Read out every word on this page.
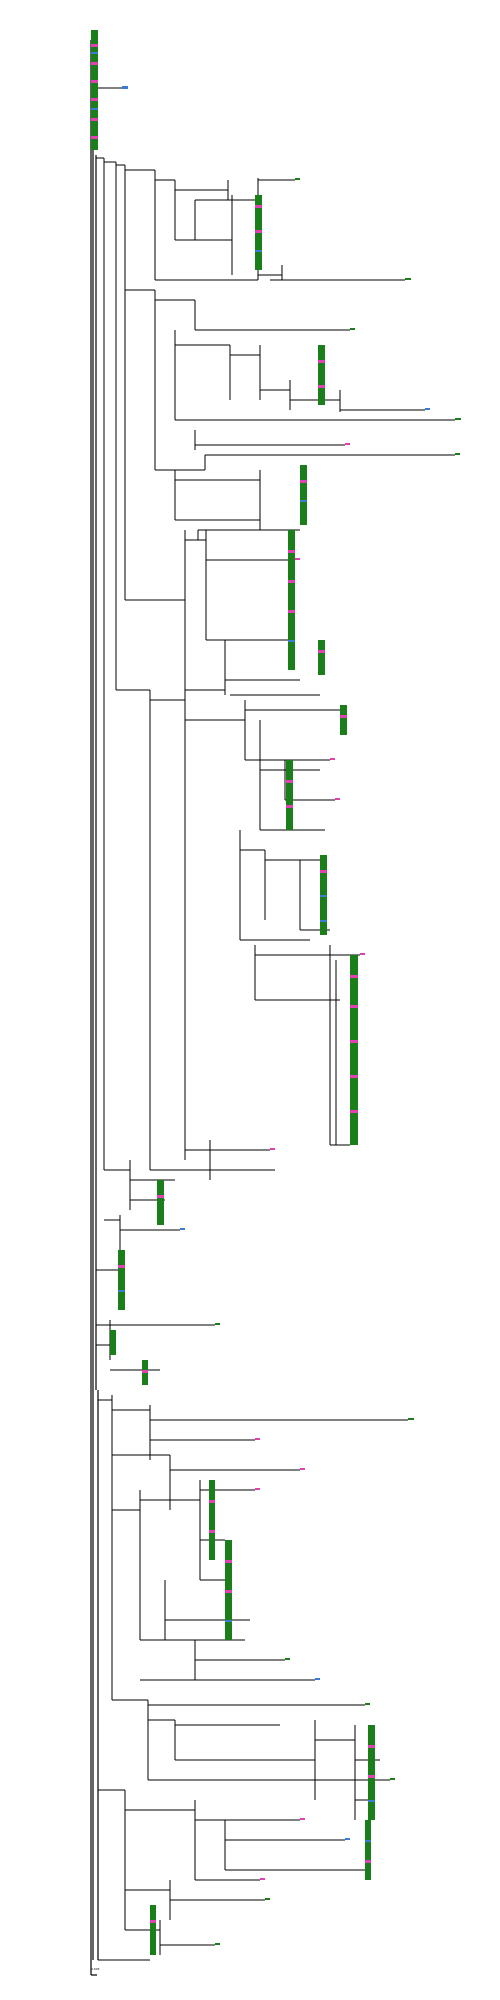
0.005
